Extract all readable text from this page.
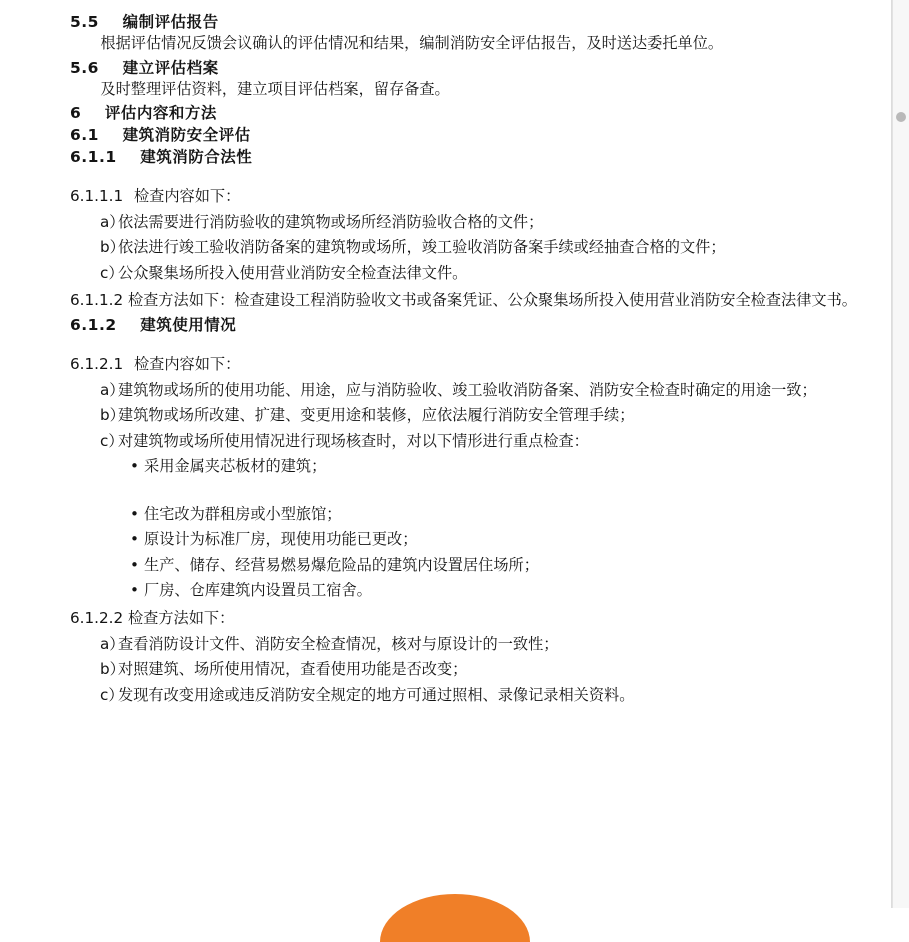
5.5 编制评估报告

根据评估情况反馈会议确认的评估情况和结果，编制消防安全评估报告，及时送达委托单位。

5.6 建立评估档案

及时整理评估资料，建立项目评估档案，留存备查。

6 评估内容和方法
6.1 建筑消防安全评估
6.1.1 建筑消防合法性

6.1.1.1 检查内容如下：

a）
依法需要进行消防验收的建筑物或场所经消防验收合格的文件；
b）
依法进行竣工验收消防备案的建筑物或场所，竣工验收消防备案手续或经抽查合格的文件；
c）
公众聚集场所投入使用营业消防安全检查法律文件。

6.1.1.2 检查方法如下：检查建设工程消防验收文书或备案凭证、公众聚集场所投入使用营业消防安全检查法律文书。

6.1.2 建筑使用情况

6.1.2.1 检查内容如下：

a）
建筑物或场所的使用功能、用途，应与消防验收、竣工验收消防备案、消防安全检查时确定的用途一致；
b）
建筑物或场所改建、扩建、变更用途和装修，应依法履行消防安全管理手续；
c）
对建筑物或场所使用情况进行现场核查时，对以下情形进行重点检查：
• 采用金属夹芯板材的建筑；
• 住宅改为群租房或小型旅馆；
• 原设计为标准厂房，现使用功能已更改；
• 生产、储存、经营易燃易爆危险品的建筑内设置居住场所；
• 厂房、仓库建筑内设置员工宿舍。

6.1.2.2 检查方法如下：

a）
查看消防设计文件、消防安全检查情况，核对与原设计的一致性；
b）
对照建筑、场所使用情况，查看使用功能是否改变；
c）
发现有改变用途或违反消防安全规定的地方可通过照相、录像记录相关资料。
